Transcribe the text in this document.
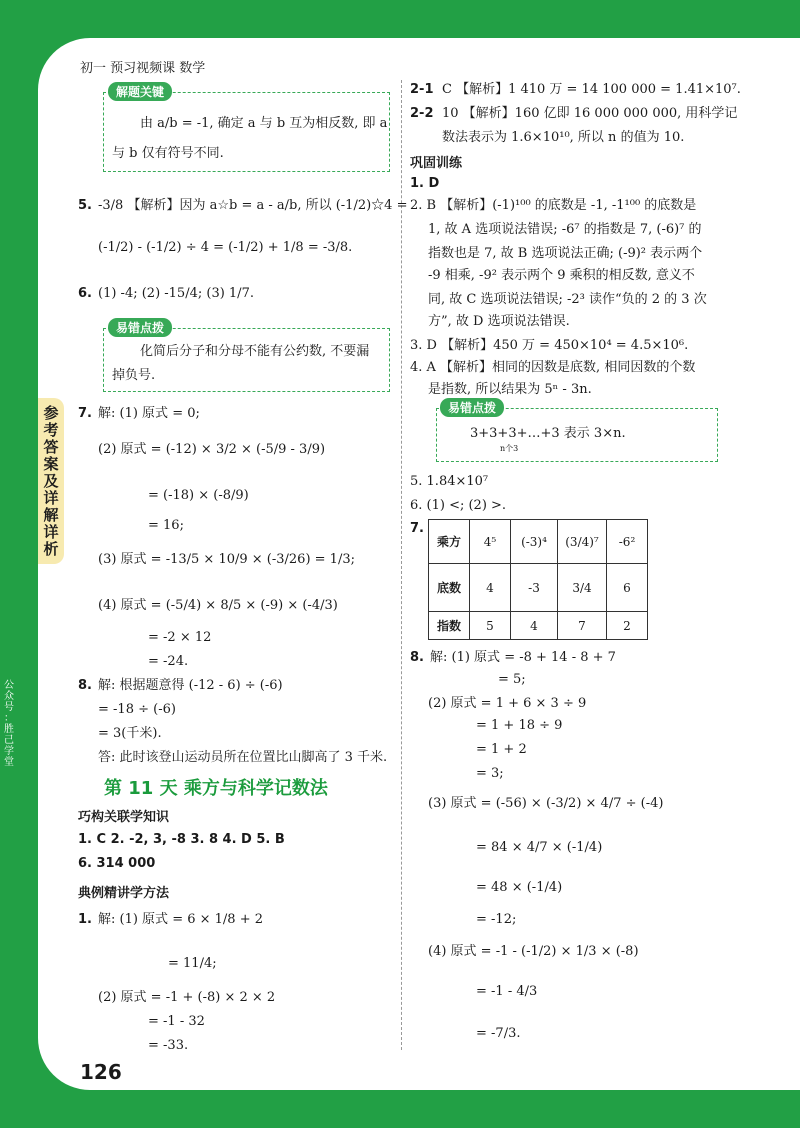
初一 预习视频课 数学
参
考
答
案
及
详
解
详
析
公
众
号
：
胜
己
学
堂
解题关键
由 a/b = -1, 确定 a 与 b 互为相反数, 即 a
与 b 仅有符号不同.
5. -3/8 【解析】因为 a☆b = a - a/b, 所以 (-1/2)☆4 =
(-1/2) - (-1/2) ÷ 4 = (-1/2) + 1/8 = -3/8.
6. (1) -4; (2) -15/4; (3) 1/7.
易错点拨
化简后分子和分母不能有公约数, 不要漏
掉负号.
7. 解: (1) 原式 = 0;
(2) 原式 = (-12) × 3/2 × (-5/9 - 3/9)
= (-18) × (-8/9)
= 16;
(3) 原式 = -13/5 × 10/9 × (-3/26) = 1/3;
(4) 原式 = (-5/4) × 8/5 × (-9) × (-4/3)
= -2 × 12
= -24.
8. 解: 根据题意得 (-12 - 6) ÷ (-6)
= -18 ÷ (-6)
= 3(千米).
答: 此时该登山运动员所在位置比山脚高了 3 千米.
第 11 天 乘方与科学记数法
巧构关联学知识
1. C 2. -2, 3, -8 3. 8 4. D 5. B
6. 314 000
典例精讲学方法
1. 解: (1) 原式 = 6 × 1/8 + 2
= 11/4;
(2) 原式 = -1 + (-8) × 2 × 2
= -1 - 32
= -33.
2-1 C 【解析】1 410 万 = 14 100 000 = 1.41×10⁷.
2-2 10 【解析】160 亿即 16 000 000 000, 用科学记
数法表示为 1.6×10¹⁰, 所以 n 的值为 10.
巩固训练
1. D
2. B 【解析】(-1)¹⁰⁰ 的底数是 -1, -1¹⁰⁰ 的底数是
1, 故 A 选项说法错误; -6⁷ 的指数是 7, (-6)⁷ 的
指数也是 7, 故 B 选项说法正确; (-9)² 表示两个
-9 相乘, -9² 表示两个 9 乘积的相反数, 意义不
同, 故 C 选项说法错误; -2³ 读作“负的 2 的 3 次
方”, 故 D 选项说法错误.
3. D 【解析】450 万 = 450×10⁴ = 4.5×10⁶.
4. A 【解析】相同的因数是底数, 相同因数的个数
是指数, 所以结果为 5ⁿ - 3n.
易错点拨
3+3+3+…+3 表示 3×n.
n个3
5. 1.84×10⁷
6. (1) <; (2) >.
7.
乘方	4⁵	(-3)⁴	(3/4)⁷	-6²
底数	4	-3	3/4	6
指数	5	4	7	2
8. 解: (1) 原式 = -8 + 14 - 8 + 7
= 5;
(2) 原式 = 1 + 6 × 3 ÷ 9
= 1 + 18 ÷ 9
= 1 + 2
= 3;
(3) 原式 = (-56) × (-3/2) × 4/7 ÷ (-4)
= 84 × 4/7 × (-1/4)
= 48 × (-1/4)
= -12;
(4) 原式 = -1 - (-1/2) × 1/3 × (-8)
= -1 - 4/3
= -7/3.
126
